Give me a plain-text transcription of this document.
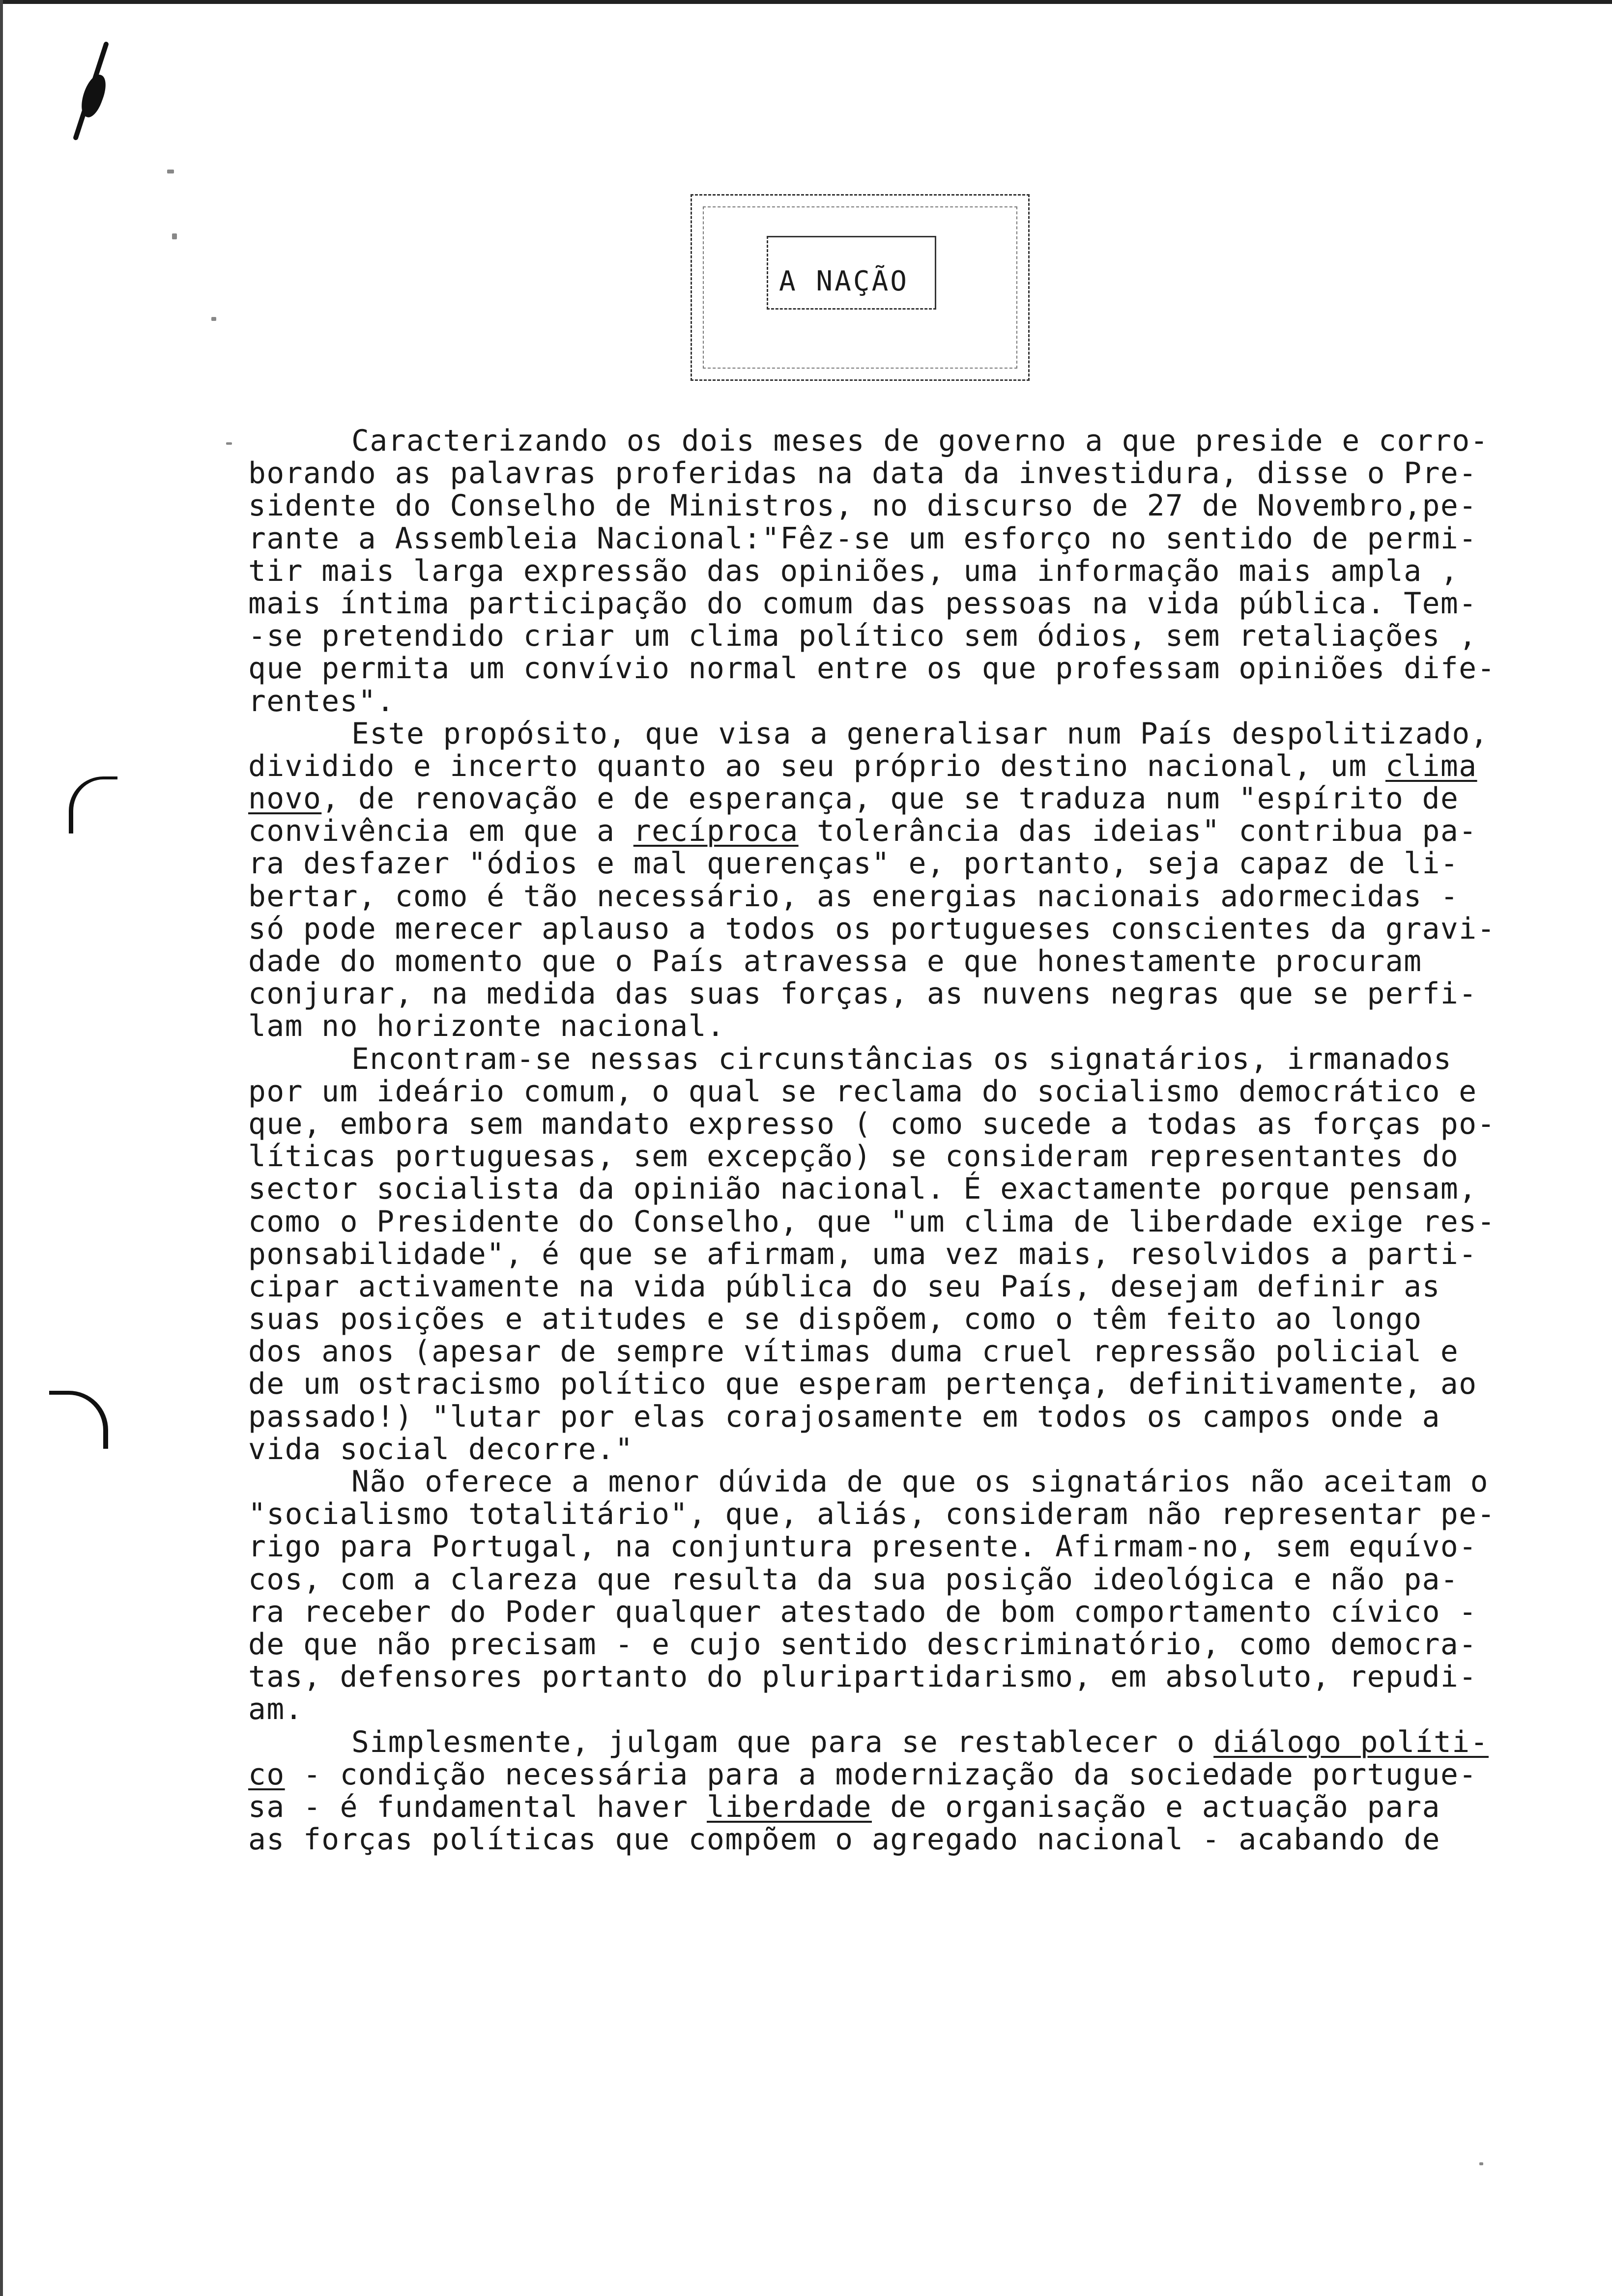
A NAÇÃO
Caracterizando os dois meses de governo a que preside e corro-
borando as palavras proferidas na data da investidura, disse o Pre-
sidente do Conselho de Ministros, no discurso de 27 de Novembro,pe-
rante a Assembleia Nacional:"Fêz-se um esforço no sentido de permi-
tir mais larga expressão das opiniões, uma informação mais ampla ,
mais íntima participação do comum das pessoas na vida pública. Tem-
-se pretendido criar um clima político sem ódios, sem retaliações ,
que permita um convívio normal entre os que professam opiniões dife-
rentes".
Este propósito, que visa a generalisar num País despolitizado,
dividido e incerto quanto ao seu próprio destino nacional, um clima
novo, de renovação e de esperança, que se traduza num "espírito de
convivência em que a recíproca tolerância das ideias" contribua pa-
ra desfazer "ódios e mal querenças" e, portanto, seja capaz de li-
bertar, como é tão necessário, as energias nacionais adormecidas -
só pode merecer aplauso a todos os portugueses conscientes da gravi-
dade do momento que o País atravessa e que honestamente procuram
conjurar, na medida das suas forças, as nuvens negras que se perfi-
lam no horizonte nacional.
Encontram-se nessas circunstâncias os signatários, irmanados
por um ideário comum, o qual se reclama do socialismo democrático e
que, embora sem mandato expresso ( como sucede a todas as forças po-
líticas portuguesas, sem excepção) se consideram representantes do
sector socialista da opinião nacional. É exactamente porque pensam,
como o Presidente do Conselho, que "um clima de liberdade exige res-
ponsabilidade", é que se afirmam, uma vez mais, resolvidos a parti-
cipar activamente na vida pública do seu País, desejam definir as
suas posições e atitudes e se dispõem, como o têm feito ao longo
dos anos (apesar de sempre vítimas duma cruel repressão policial e
de um ostracismo político que esperam pertença, definitivamente, ao
passado!) "lutar por elas corajosamente em todos os campos onde a
vida social decorre."
Não oferece a menor dúvida de que os signatários não aceitam o
"socialismo totalitário", que, aliás, consideram não representar pe-
rigo para Portugal, na conjuntura presente. Afirmam-no, sem equívo-
cos, com a clareza que resulta da sua posição ideológica e não pa-
ra receber do Poder qualquer atestado de bom comportamento cívico -
de que não precisam - e cujo sentido descriminatório, como democra-
tas, defensores portanto do pluripartidarismo, em absoluto, repudi-
am.
Simplesmente, julgam que para se restablecer o diálogo políti-
co - condição necessária para a modernização da sociedade portugue-
sa - é fundamental haver liberdade de organisação e actuação para
as forças políticas que compõem o agregado nacional - acabando de
